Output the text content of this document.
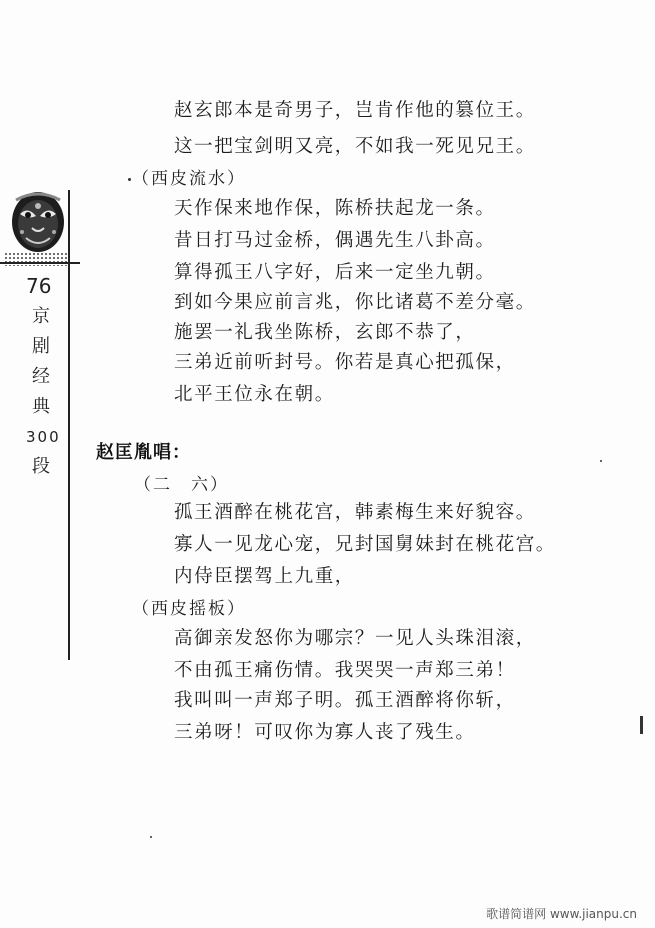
76
京
剧
经
典
300
段
赵玄郎本是奇男子，岂肯作他的篡位王。
这一把宝剑明又亮，不如我一死见兄王。
（西皮流水）
天作保来地作保，陈桥扶起龙一条。
昔日打马过金桥，偶遇先生八卦高。
算得孤王八字好，后来一定坐九朝。
到如今果应前言兆，你比诸葛不差分毫。
施罢一礼我坐陈桥，玄郎不恭了，
三弟近前听封号。你若是真心把孤保，
北平王位永在朝。
赵匡胤唱：
（二　六）
孤王酒醉在桃花宫，韩素梅生来好貌容。
寡人一见龙心宠，兄封国舅妹封在桃花宫。
内侍臣摆驾上九重，
（西皮摇板）
高御亲发怒你为哪宗？一见人头珠泪滚，
不由孤王痛伤情。我哭哭一声郑三弟！
我叫叫一声郑子明。孤王酒醉将你斩，
三弟呀！可叹你为寡人丧了残生。
歌谱简谱网 www.jianpu.cn
